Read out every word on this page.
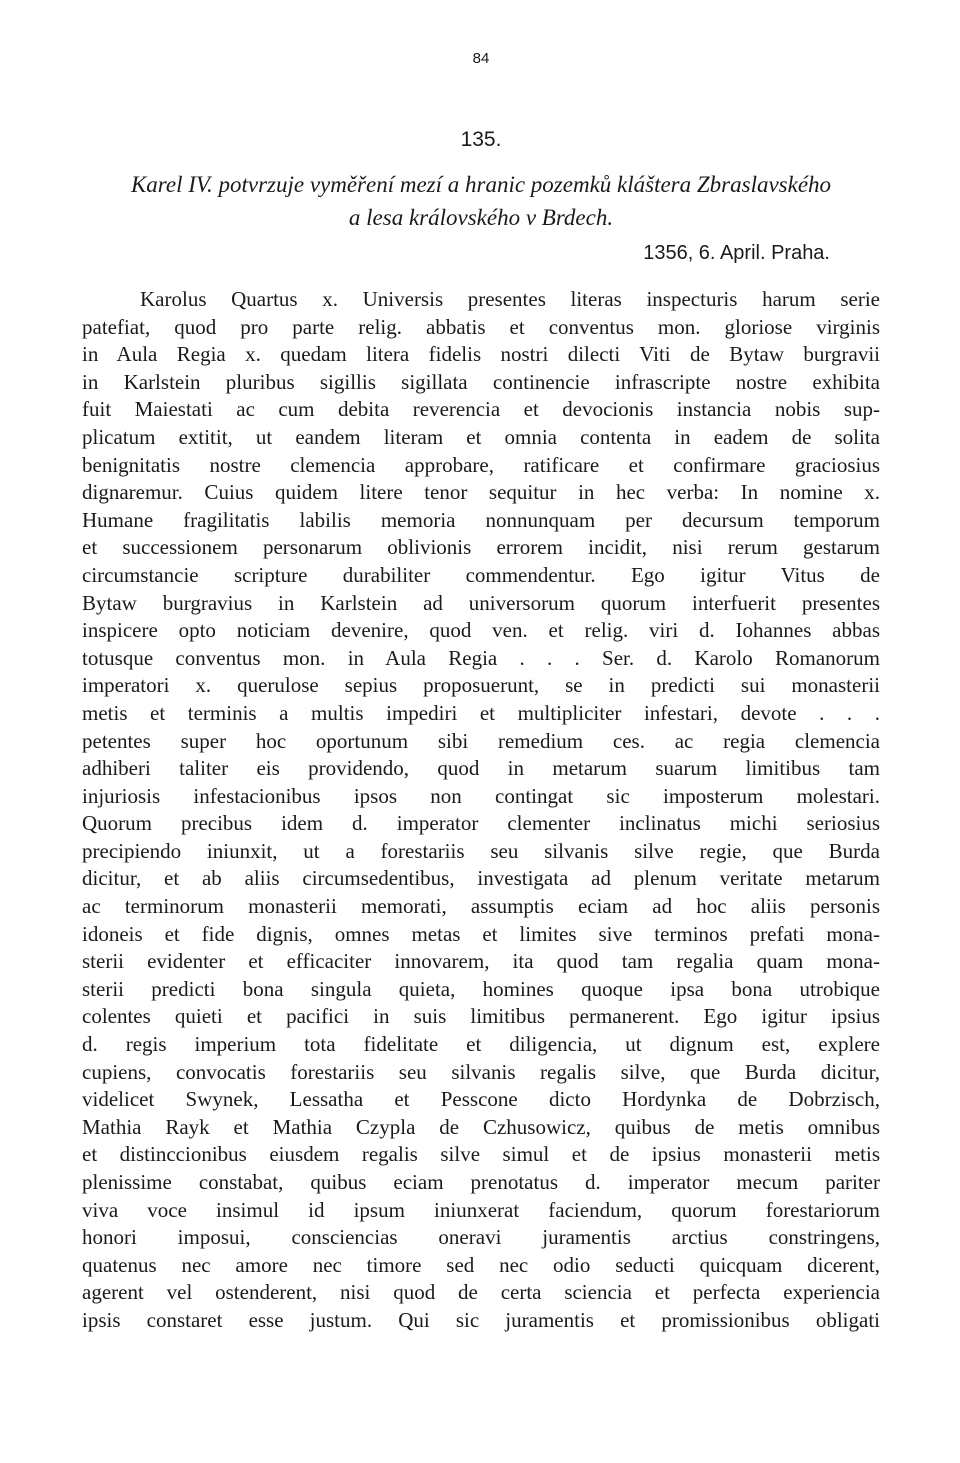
84
135.
Karel IV. potvrzuje vyměření mezí a hranic pozemků kláštera Zbraslavského
a lesa královského v Brdech.
1356, 6. April. Praha.
Karolus Quartus x. Universis presentes literas inspecturis harum serie
patefiat, quod pro parte relig. abbatis et conventus mon. gloriose virginis
in Aula Regia x. quedam litera fidelis nostri dilecti Viti de Bytaw burgravii
in Karlstein pluribus sigillis sigillata continencie infrascripte nostre exhibita
fuit Maiestati ac cum debita reverencia et devocionis instancia nobis sup-
plicatum extitit, ut eandem literam et omnia contenta in eadem de solita
benignitatis nostre clemencia approbare, ratificare et confirmare graciosius
dignaremur. Cuius quidem litere tenor sequitur in hec verba: In nomine x.
Humane fragilitatis labilis memoria nonnunquam per decursum temporum
et successionem personarum oblivionis errorem incidit, nisi rerum gestarum
circumstancie scripture durabiliter commendentur. Ego igitur Vitus de
Bytaw burgravius in Karlstein ad universorum quorum interfuerit presentes
inspicere opto noticiam devenire, quod ven. et relig. viri d. Iohannes abbas
totusque conventus mon. in Aula Regia . . . Ser. d. Karolo Romanorum
imperatori x. querulose sepius proposuerunt, se in predicti sui monasterii
metis et terminis a multis impediri et multipliciter infestari, devote . . .
petentes super hoc oportunum sibi remedium ces. ac regia clemencia
adhiberi taliter eis providendo, quod in metarum suarum limitibus tam
injuriosis infestacionibus ipsos non contingat sic imposterum molestari.
Quorum precibus idem d. imperator clementer inclinatus michi seriosius
precipiendo iniunxit, ut a forestariis seu silvanis silve regie, que Burda
dicitur, et ab aliis circumsedentibus, investigata ad plenum veritate metarum
ac terminorum monasterii memorati, assumptis eciam ad hoc aliis personis
idoneis et fide dignis, omnes metas et limites sive terminos prefati mona-
sterii evidenter et efficaciter innovarem, ita quod tam regalia quam mona-
sterii predicti bona singula quieta, homines quoque ipsa bona utrobique
colentes quieti et pacifici in suis limitibus permanerent. Ego igitur ipsius
d. regis imperium tota fidelitate et diligencia, ut dignum est, explere
cupiens, convocatis forestariis seu silvanis regalis silve, que Burda dicitur,
videlicet Swynek, Lessatha et Pesscone dicto Hordynka de Dobrzisch,
Mathia Rayk et Mathia Czypla de Czhusowicz, quibus de metis omnibus
et distinccionibus eiusdem regalis silve simul et de ipsius monasterii metis
plenissime constabat, quibus eciam prenotatus d. imperator mecum pariter
viva voce insimul id ipsum iniunxerat faciendum, quorum forestariorum
honori imposui, consciencias oneravi juramentis arctius constringens,
quatenus nec amore nec timore sed nec odio seducti quicquam dicerent,
agerent vel ostenderent, nisi quod de certa sciencia et perfecta experiencia
ipsis constaret esse justum. Qui sic juramentis et promissionibus obligati
